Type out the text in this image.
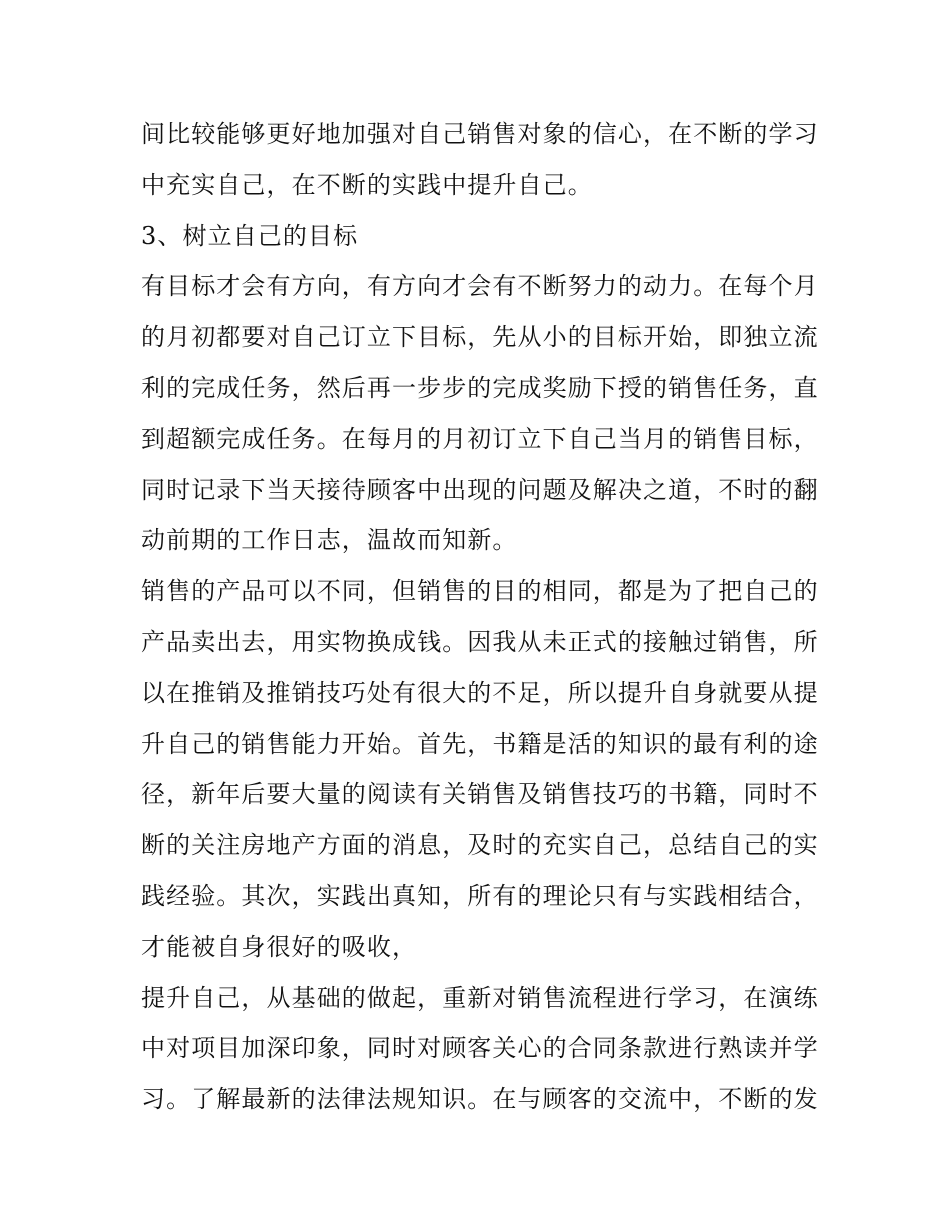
间比较能够更好地加强对自己销售对象的信心，在不断的学习
中充实自己，在不断的实践中提升自己。
3、树立自己的目标
有目标才会有方向，有方向才会有不断努力的动力。在每个月
的月初都要对自己订立下目标，先从小的目标开始，即独立流
利的完成任务，然后再一步步的完成奖励下授的销售任务，直
到超额完成任务。在每月的月初订立下自己当月的销售目标，
同时记录下当天接待顾客中出现的问题及解决之道，不时的翻
动前期的工作日志，温故而知新。
销售的产品可以不同，但销售的目的相同，都是为了把自己的
产品卖出去，用实物换成钱。因我从未正式的接触过销售，所
以在推销及推销技巧处有很大的不足，所以提升自身就要从提
升自己的销售能力开始。首先，书籍是活的知识的最有利的途
径，新年后要大量的阅读有关销售及销售技巧的书籍，同时不
断的关注房地产方面的消息，及时的充实自己，总结自己的实
践经验。其次，实践出真知，所有的理论只有与实践相结合，
才能被自身很好的吸收，
提升自己，从基础的做起，重新对销售流程进行学习，在演练
中对项目加深印象，同时对顾客关心的合同条款进行熟读并学
习。了解最新的法律法规知识。在与顾客的交流中，不断的发
